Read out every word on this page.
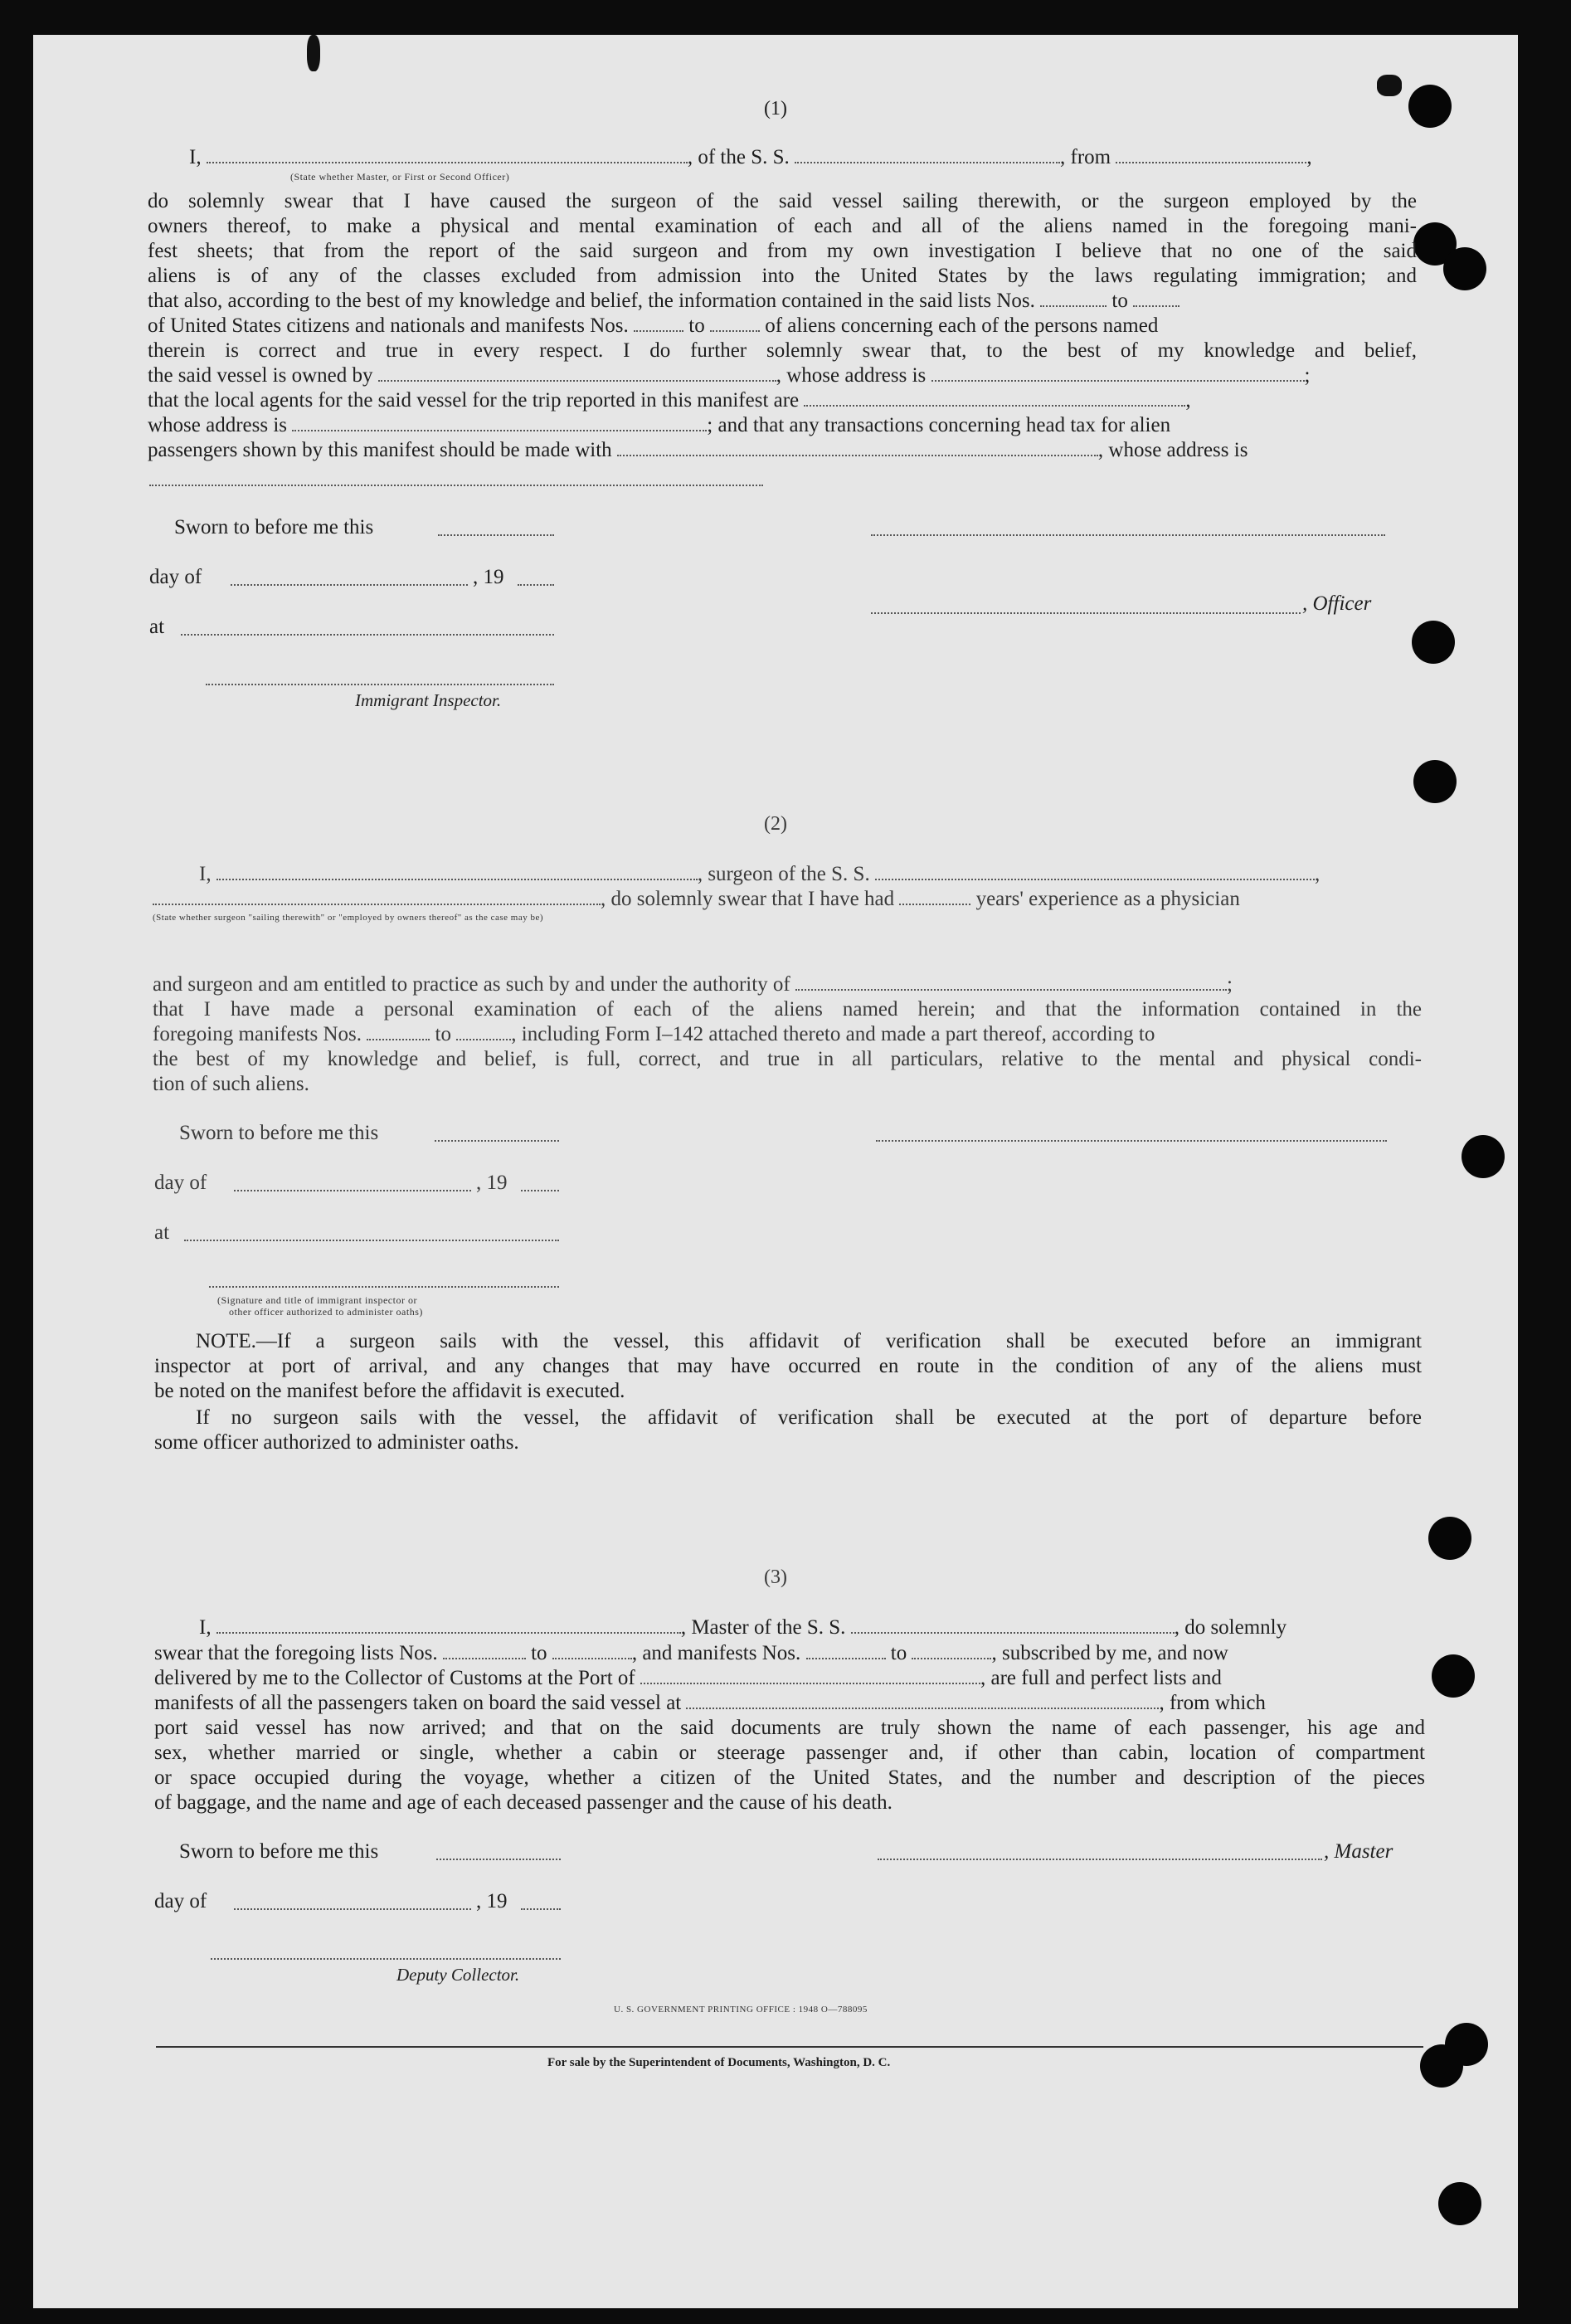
(1)
I,	, of the S. S.	, from	,
(State whether Master, or First or Second Officer)
do solemnly swear that I have caused the surgeon of the said vessel sailing therewith, or the surgeon employed by the
owners thereof, to make a physical and mental examination of each and all of the aliens named in the foregoing mani-
fest sheets; that from the report of the said surgeon and from my own investigation I believe that no one of the said
aliens is of any of the classes excluded from admission into the United States by the laws regulating immigration; and
that also, according to the best of my knowledge and belief, the information contained in the said lists Nos.	to
of United States citizens and nationals and manifests Nos.	to	of aliens concerning each of the persons named
therein is correct and true in every respect. I do further solemnly swear that, to the best of my knowledge and belief,
the said vessel is owned by	, whose address is	;
that the local agents for the said vessel for the trip reported in this manifest are	,
whose address is	; and that any transactions concerning head tax for alien
passengers shown by this manifest should be made with	, whose address is
Sworn to before me this
day of	, 19
, Officer
at
Immigrant Inspector.
(2)
I,	, surgeon of the S. S.	,
, do solemnly swear that I have had	years' experience as a physician
(State whether surgeon "sailing therewith" or "employed by owners thereof" as the case may be)
and surgeon and am entitled to practice as such by and under the authority of	;
that I have made a personal examination of each of the aliens named herein; and that the information contained in the
foregoing manifests Nos.	to	, including Form I–142 attached thereto and made a part thereof, according to
the best of my knowledge and belief, is full, correct, and true in all particulars, relative to the mental and physical condi-
tion of such aliens.
Sworn to before me this
day of	, 19
at
(Signature and title of immigrant inspector or
other officer authorized to administer oaths)
NOTE.—If a surgeon sails with the vessel, this affidavit of verification shall be executed before an immigrant
inspector at port of arrival, and any changes that may have occurred en route in the condition of any of the aliens must
be noted on the manifest before the affidavit is executed.
If no surgeon sails with the vessel, the affidavit of verification shall be executed at the port of departure before
some officer authorized to administer oaths.
(3)
I,	, Master of the S. S.	, do solemnly
swear that the foregoing lists Nos.	to	, and manifests Nos.	to	, subscribed by me, and now
delivered by me to the Collector of Customs at the Port of	, are full and perfect lists and
manifests of all the passengers taken on board the said vessel at	, from which
port said vessel has now arrived; and that on the said documents are truly shown the name of each passenger, his age and
sex, whether married or single, whether a cabin or steerage passenger and, if other than cabin, location of compartment
or space occupied during the voyage, whether a citizen of the United States, and the number and description of the pieces
of baggage, and the name and age of each deceased passenger and the cause of his death.
Sworn to before me this	, Master
day of	, 19
Deputy Collector.
U. S. GOVERNMENT PRINTING OFFICE : 1948 O—788095
For sale by the Superintendent of Documents, Washington, D. C.
